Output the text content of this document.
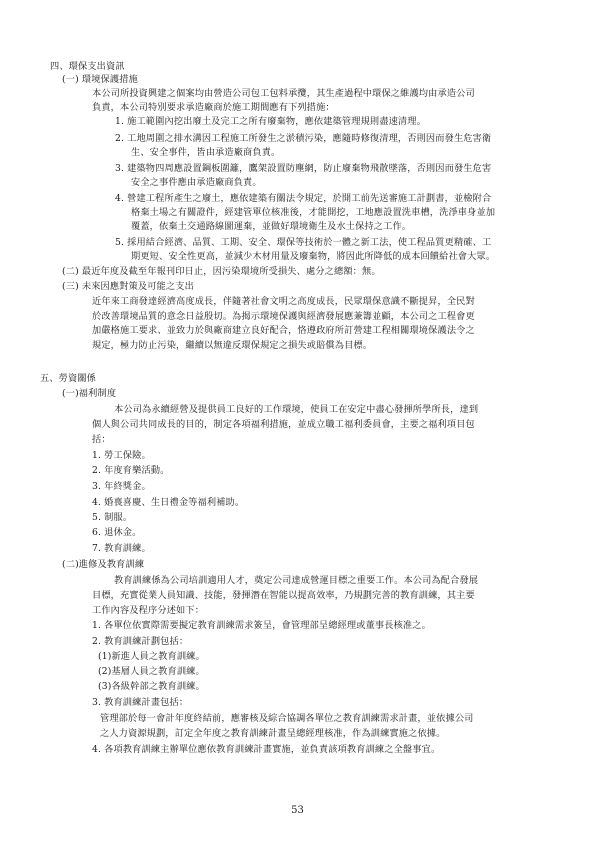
四、環保支出資訊
(一) 環境保護措施
本公司所投資興建之個案均由營造公司包工包料承攬，其生產過程中環保之維護均由承造公司
負責，本公司特別要求承造廠商於施工期間應有下列措施：
1. 施工範圍內挖出廢土及完工之所有廢棄物，應依建築管理規則盡速清理。
2. 工地周圍之排水溝因工程施工所發生之淤積污染，應隨時修復清理，否則因而發生危害衛
生、安全事件，皆由承造廠商負責。
3. 建築物四周應設置鋼板圍籬，鷹架設置防塵網，防止廢棄物飛散墜落，否則因而發生危害
安全之事件應由承造廠商負責。
4. 營建工程所產生之廢土，應依建築有關法令規定，於開工前先送審施工計劃書，並檢附合
格棄土場之有關證件，經建管單位核准後，才能開挖，工地應設置洗車槽，洗淨車身並加
覆蓋，依棄土交通路線圖運棄，並做好環境衛生及水土保持之工作。
5. 採用結合經濟、品質、工期、安全、環保等技術於一體之新工法，使工程品質更精確、工
期更短、安全性更高，並減少木材用量及廢棄物，將因此所降低的成本回饋給社會大眾。
(二) 最近年度及截至年報刊印日止，因污染環境所受損失、處分之總額：無。
(三) 未來因應對策及可能之支出
近年來工商發達經濟高度成長，伴隨著社會文明之高度成長，民眾環保意識不斷提昇，全民對
於改善環境品質的意念日益殷切。為揭示環境保護與經濟發展應兼籌並顧，本公司之工程會更
加嚴格施工要求、並致力於與廠商建立良好配合，恪遵政府所訂營建工程相關環境保護法令之
規定，極力防止污染，繼續以無違反環保規定之損失或賠償為目標。
五、勞資關係
(一)福利制度
本公司為永續經營及提供員工良好的工作環境，使員工在安定中盡心發揮所學所長，達到
個人與公司共同成長的目的，制定各項福利措施，並成立職工福利委員會，主要之福利項目包
括：
1. 勞工保險。
2. 年度育樂活動。
3. 年終獎金。
4. 婚喪喜慶、生日禮金等福利補助。
5. 制服。
6. 退休金。
7. 教育訓練。
(二)進修及教育訓練
教育訓練係為公司培訓適用人才，奠定公司達成營運目標之重要工作。本公司為配合發展
目標，充實從業人員知識、技能，發揮潛在智能以提高效率，乃規劃完善的教育訓練，其主要
工作內容及程序分述如下：
1. 各單位依實際需要擬定教育訓練需求簽呈，會管理部呈總經理或董事長核准之。
2. 教育訓練計劃包括：
(1)新進人員之教育訓練。
(2)基層人員之教育訓練。
(3)各級幹部之教育訓練。
3. 教育訓練計畫包括：
管理部於每一會計年度終結前，應審核及綜合協調各單位之教育訓練需求計畫，並依據公司
之人力資源規劃，訂定全年度之教育訓練計畫呈總經理核准，作為訓練實施之依據。
4. 各項教育訓練主辦單位應依教育訓練計畫實施，並負責該項教育訓練之全盤事宜。
53
